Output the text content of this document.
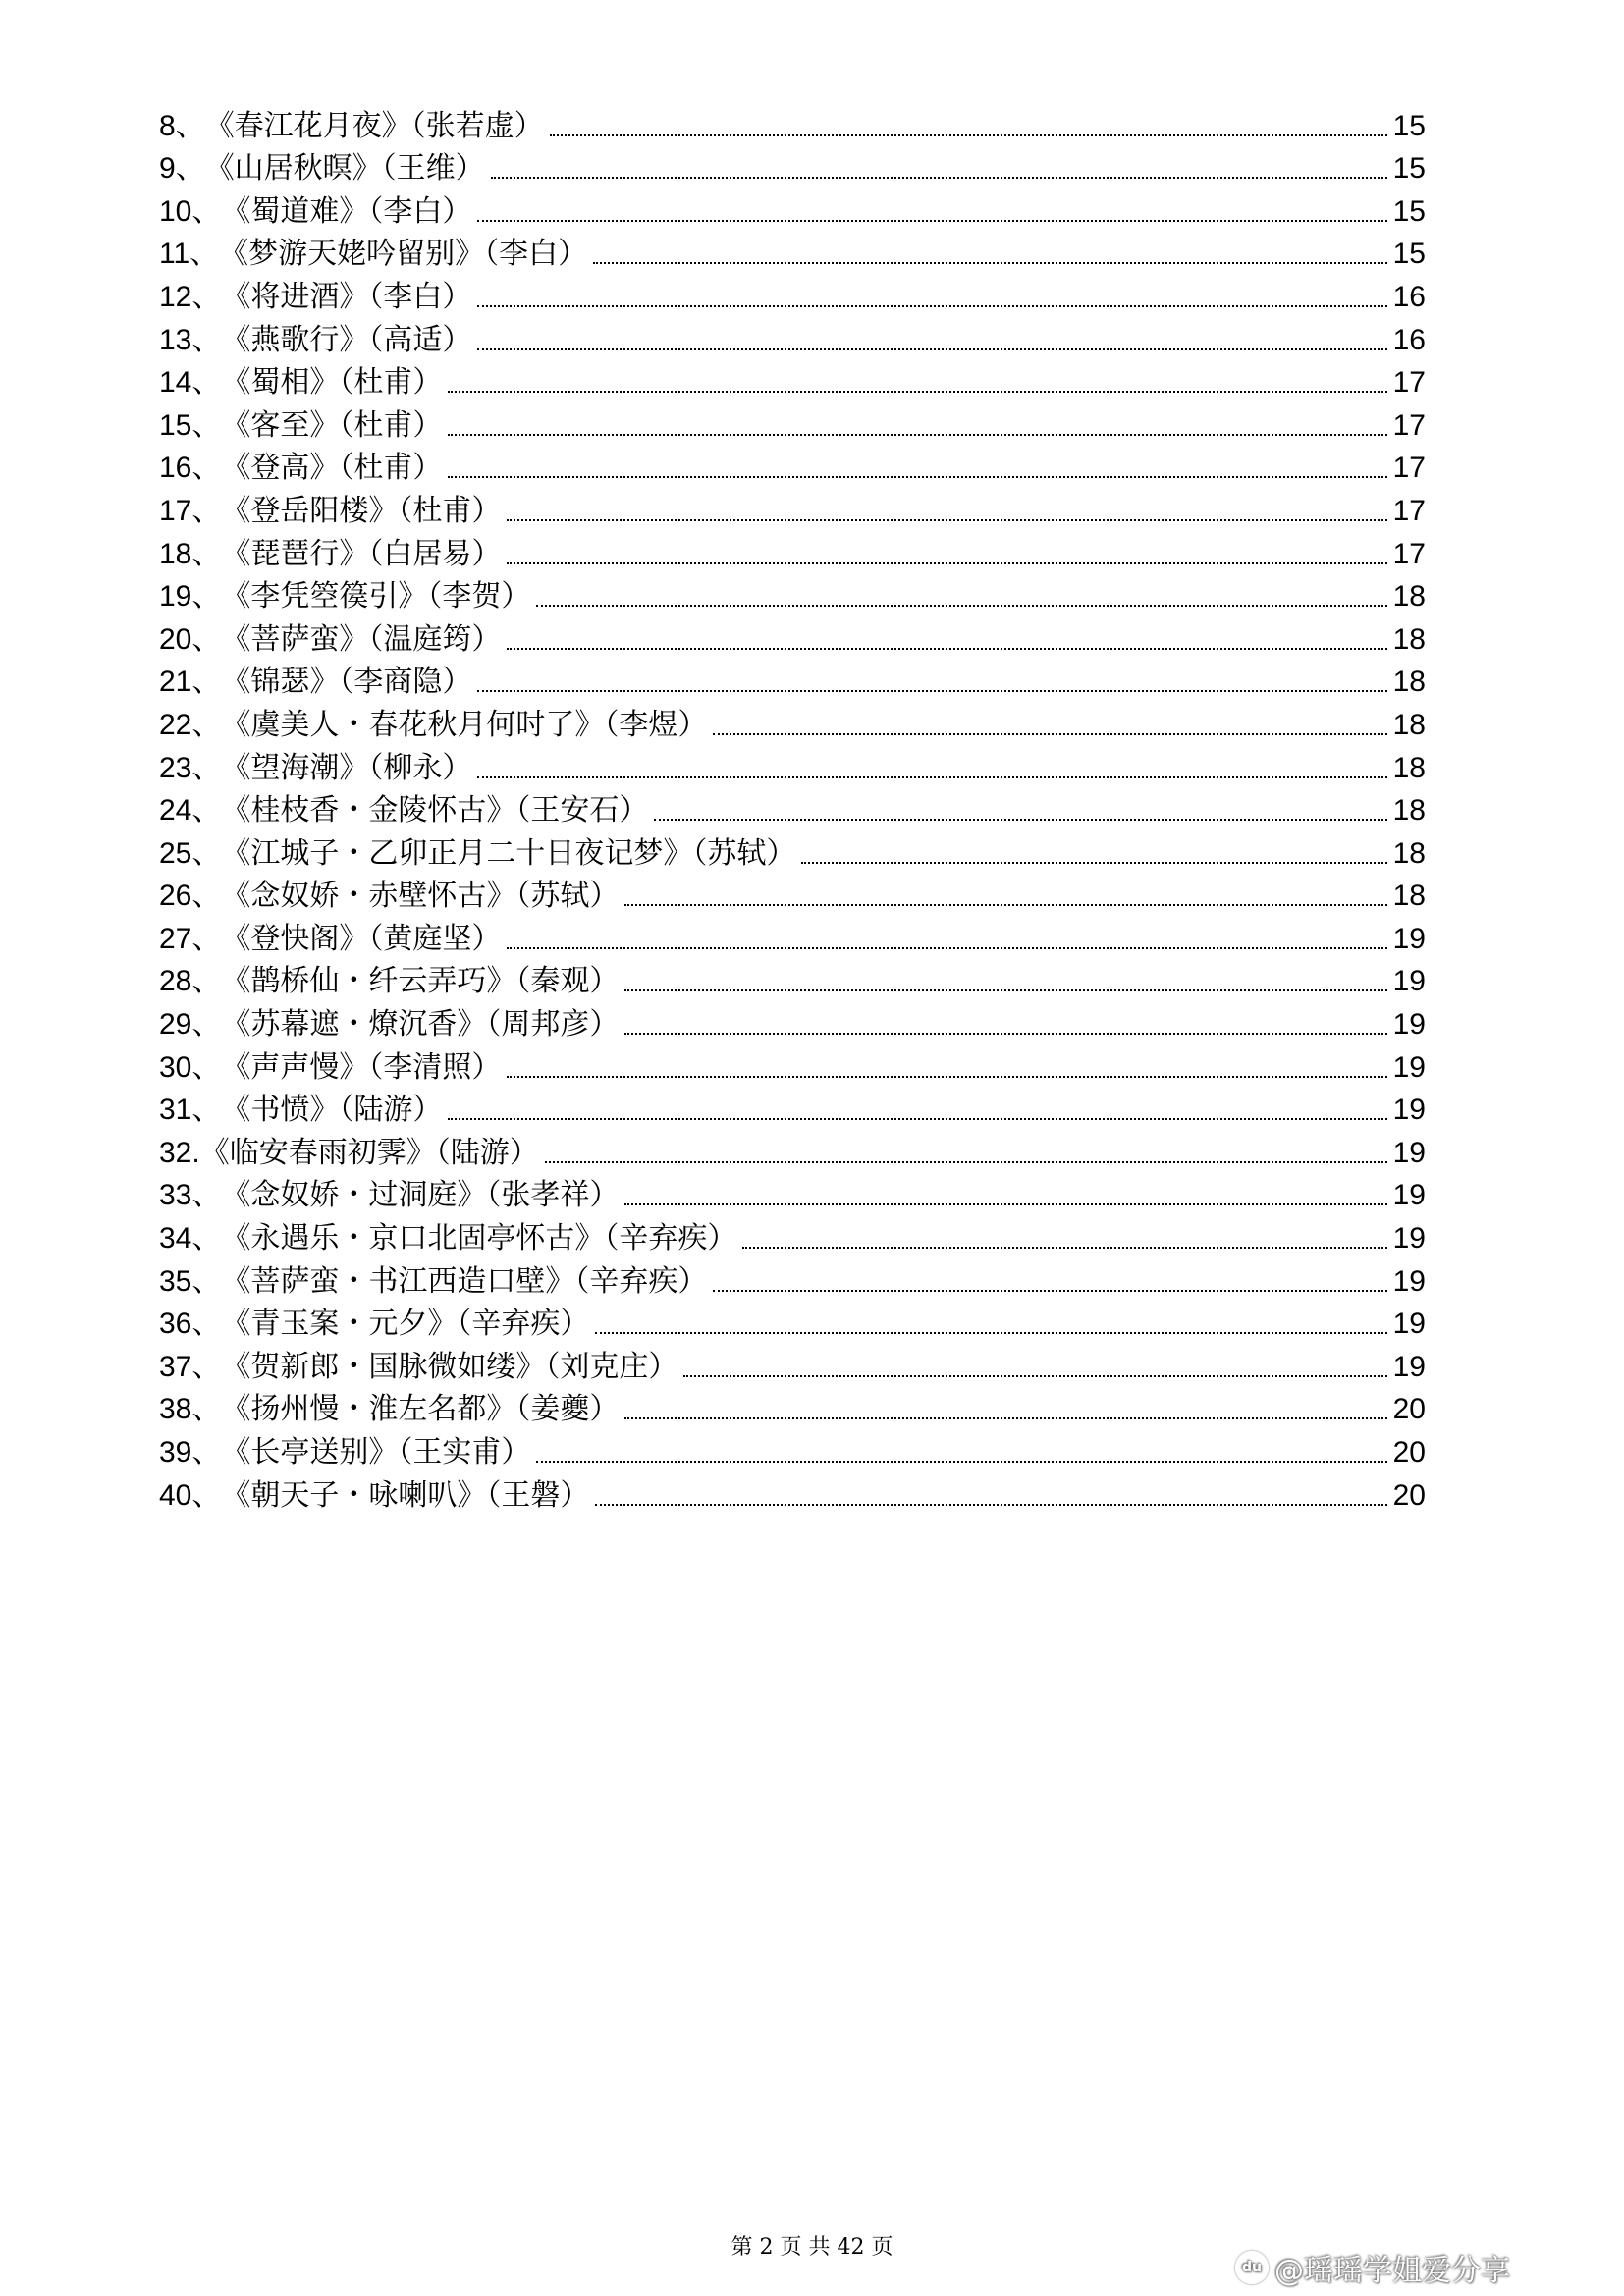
8、 《春江花月夜》（张若虚）	15
9、 《山居秋暝》（王维）	15
10、 《蜀道难》（李白）	15
11、 《梦游天姥吟留别》（李白）	15
12、 《将进酒》（李白）	16
13、 《燕歌行》（高适）	16
14、 《蜀相》（杜甫）	17
15、 《客至》（杜甫）	17
16、 《登高》（杜甫）	17
17、 《登岳阳楼》（杜甫）	17
18、 《琵琶行》（白居易）	17
19、 《李凭箜篌引》（李贺）	18
20、 《菩萨蛮》（温庭筠）	18
21、 《锦瑟》（李商隐）	18
22、 《虞美人・春花秋月何时了》（李煜）	18
23、 《望海潮》（柳永）	18
24、 《桂枝香・金陵怀古》（王安石）	18
25、 《江城子・乙卯正月二十日夜记梦》（苏轼）	18
26、 《念奴娇・赤壁怀古》（苏轼）	18
27、 《登快阁》（黄庭坚）	19
28、 《鹊桥仙・纤云弄巧》（秦观）	19
29、 《苏幕遮・燎沉香》（周邦彦）	19
30、 《声声慢》（李清照）	19
31、 《书愤》（陆游）	19
32. 《临安春雨初霁》（陆游）	19
33、 《念奴娇・过洞庭》（张孝祥）	19
34、 《永遇乐・京口北固亭怀古》（辛弃疾）	19
35、 《菩萨蛮・书江西造口壁》（辛弃疾）	19
36、 《青玉案・元夕》（辛弃疾）	19
37、 《贺新郎・国脉微如缕》（刘克庄）	19
38、 《扬州慢・淮左名都》（姜夔）	20
39、 《长亭送别》（王实甫）	20
40、 《朝天子・咏喇叭》（王磐）	20
第 2 页 共 42 页
du @瑶瑶学姐爱分享
